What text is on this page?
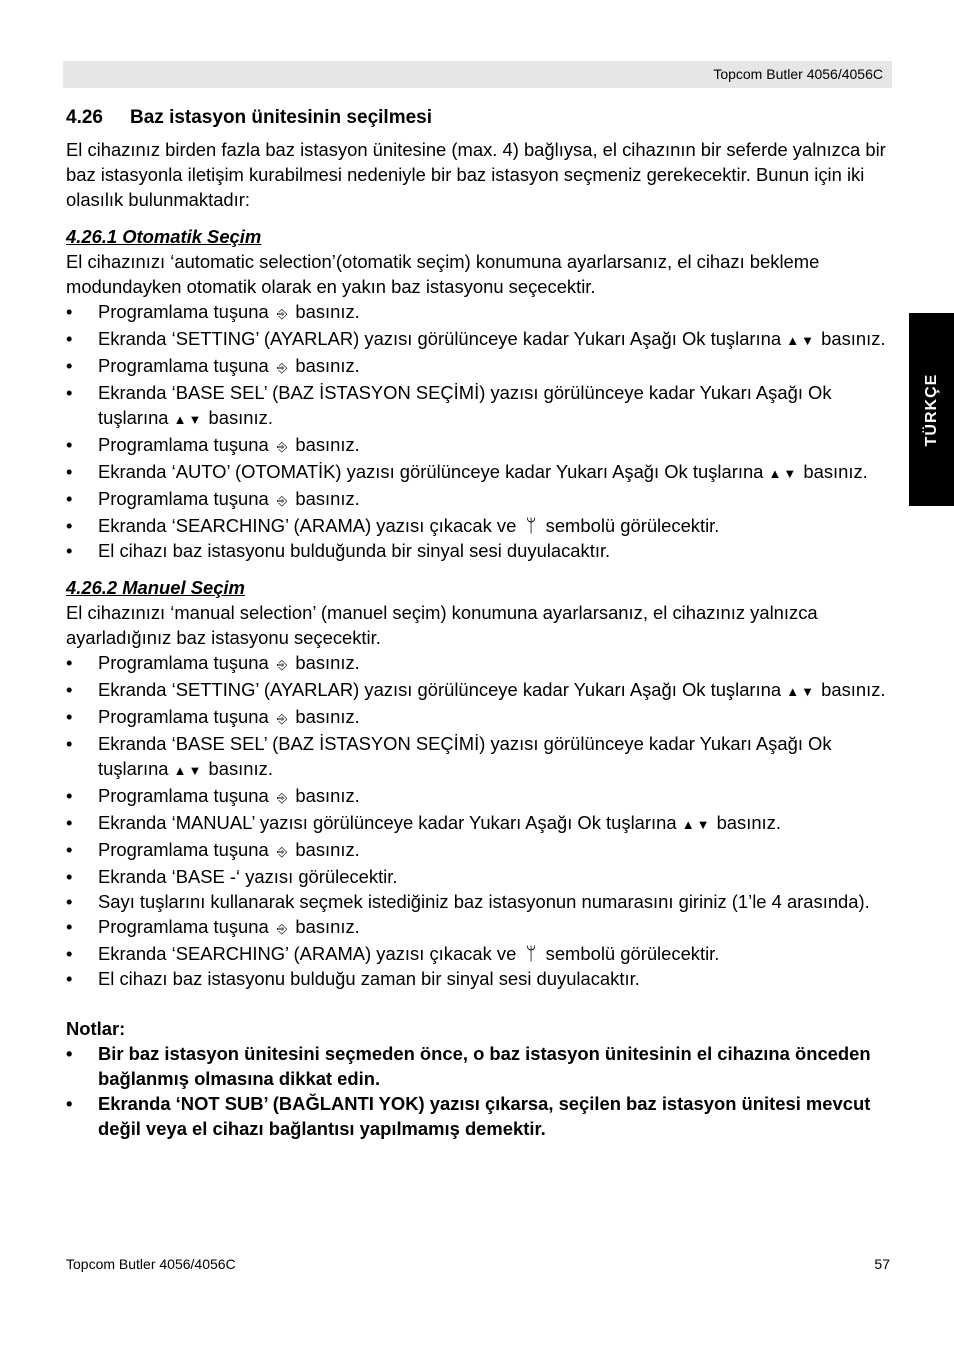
Topcom Butler 4056/4056C
TÜRKÇE
4.26 Baz istasyon ünitesinin seçilmesi

El cihazınız birden fazla baz istasyon ünitesine (max. 4) bağlıysa, el cihazının bir seferde yalnızca bir baz istasyonla iletişim kurabilmesi nedeniyle bir baz istasyon seçmeniz gerekecektir. Bunun için iki olasılık bulunmaktadır:

4.26.1 Otomatik Seçim

El cihazınızı ‘automatic selection’(otomatik seçim) konumuna ayarlarsanız, el cihazı bekleme modundayken otomatik olarak en yakın baz istasyonu seçecektir.

• Programlama tuşuna ⎆ basınız.
• Ekranda ‘SETTING’ (AYARLAR) yazısı görülünceye kadar Yukarı Aşağı Ok tuşlarına ▲▼ basınız.
• Programlama tuşuna ⎆ basınız.
• Ekranda ‘BASE SEL’ (BAZ İSTASYON SEÇİMİ) yazısı görülünceye kadar Yukarı Aşağı Ok tuşlarına ▲▼ basınız.
• Programlama tuşuna ⎆ basınız.
• Ekranda ‘AUTO’ (OTOMATİK) yazısı görülünceye kadar Yukarı Aşağı Ok tuşlarına ▲▼ basınız.
• Programlama tuşuna ⎆ basınız.
• Ekranda ‘SEARCHING’ (ARAMA) yazısı çıkacak ve ᛘ sembolü görülecektir.
• El cihazı baz istasyonu bulduğunda bir sinyal sesi duyulacaktır.
4.26.2 Manuel Seçim

El cihazınızı ‘manual selection’ (manuel seçim) konumuna ayarlarsanız, el cihazınız yalnızca ayarladığınız baz istasyonu seçecektir.

• Programlama tuşuna ⎆ basınız.
• Ekranda ‘SETTING’ (AYARLAR) yazısı görülünceye kadar Yukarı Aşağı Ok tuşlarına ▲▼ basınız.
• Programlama tuşuna ⎆ basınız.
• Ekranda ‘BASE SEL’ (BAZ İSTASYON SEÇİMİ) yazısı görülünceye kadar Yukarı Aşağı Ok tuşlarına ▲▼ basınız.
• Programlama tuşuna ⎆ basınız.
• Ekranda ‘MANUAL’ yazısı görülünceye kadar Yukarı Aşağı Ok tuşlarına ▲▼ basınız.
• Programlama tuşuna ⎆ basınız.
• Ekranda ‘BASE -‘ yazısı görülecektir.
• Sayı tuşlarını kullanarak seçmek istediğiniz baz istasyonun numarasını giriniz (1’le 4 arasında).
• Programlama tuşuna ⎆ basınız.
• Ekranda ‘SEARCHING’ (ARAMA) yazısı çıkacak ve ᛘ sembolü görülecektir.
• El cihazı baz istasyonu bulduğu zaman bir sinyal sesi duyulacaktır.

Notlar:

• Bir baz istasyon ünitesini seçmeden önce, o baz istasyon ünitesinin el cihazına önceden bağlanmış olmasına dikkat edin.
• Ekranda ‘NOT SUB’ (BAĞLANTI YOK) yazısı çıkarsa, seçilen baz istasyon ünitesi mevcut değil veya el cihazı bağlantısı yapılmamış demektir.
Topcom Butler 4056/4056C	57
